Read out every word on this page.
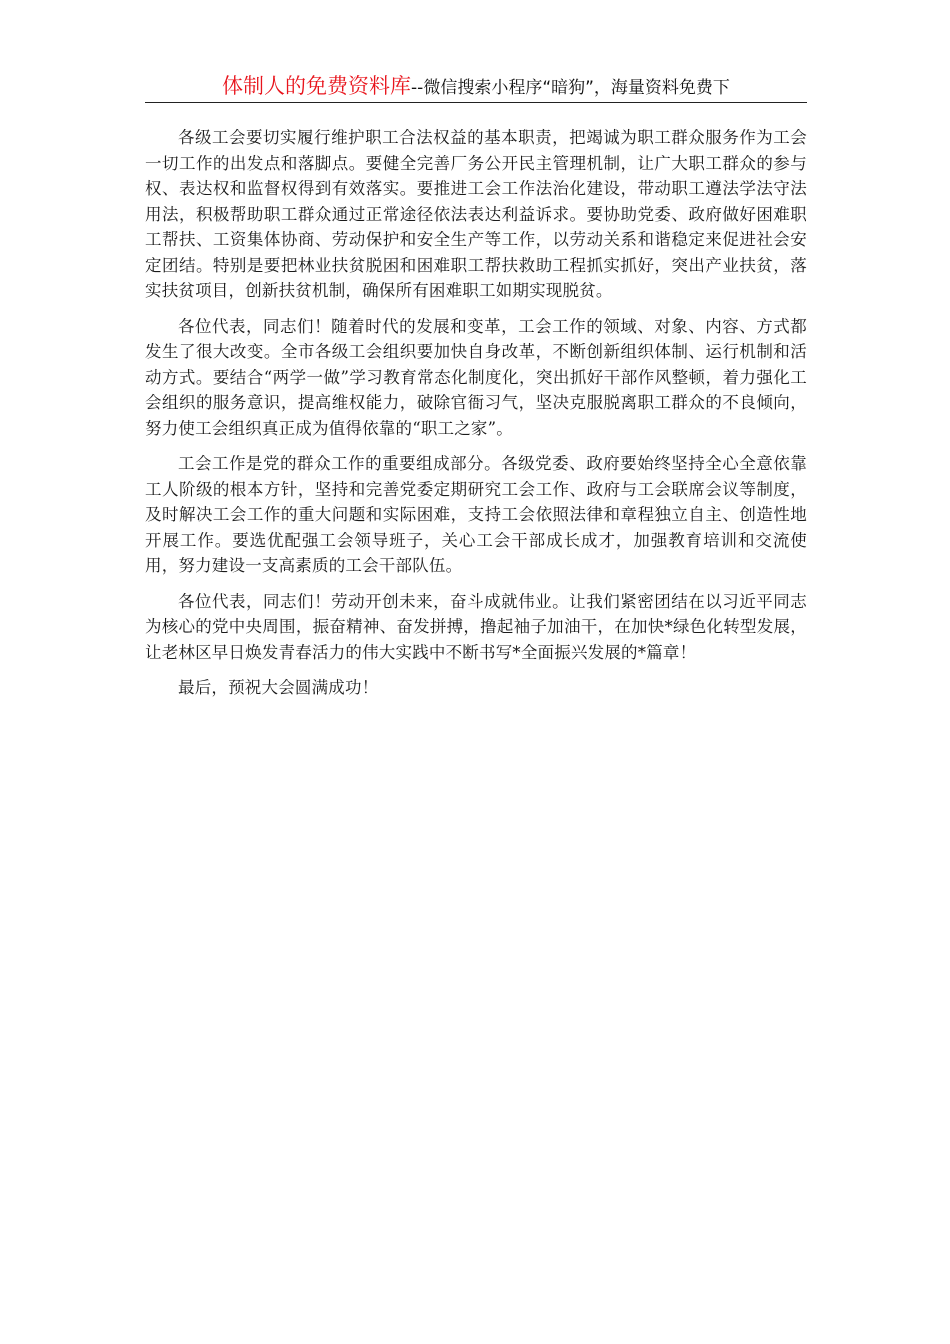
体制人的免费资料库--微信搜索小程序“暗狗”，海量资料免费下

各级工会要切实履行维护职工合法权益的基本职责，把竭诚为职工群众服务作为工会一切工作的出发点和落脚点。要健全完善厂务公开民主管理机制，让广大职工群众的参与权、表达权和监督权得到有效落实。要推进工会工作法治化建设，带动职工遵法学法守法用法，积极帮助职工群众通过正常途径依法表达利益诉求。要协助党委、政府做好困难职工帮扶、工资集体协商、劳动保护和安全生产等工作，以劳动关系和谐稳定来促进社会安定团结。特别是要把林业扶贫脱困和困难职工帮扶救助工程抓实抓好，突出产业扶贫，落实扶贫项目，创新扶贫机制，确保所有困难职工如期实现脱贫。

各位代表，同志们！随着时代的发展和变革，工会工作的领域、对象、内容、方式都发生了很大改变。全市各级工会组织要加快自身改革，不断创新组织体制、运行机制和活动方式。要结合“两学一做”学习教育常态化制度化，突出抓好干部作风整顿，着力强化工会组织的服务意识，提高维权能力，破除官衙习气，坚决克服脱离职工群众的不良倾向，努力使工会组织真正成为值得依靠的“职工之家”。

工会工作是党的群众工作的重要组成部分。各级党委、政府要始终坚持全心全意依靠工人阶级的根本方针，坚持和完善党委定期研究工会工作、政府与工会联席会议等制度，及时解决工会工作的重大问题和实际困难，支持工会依照法律和章程独立自主、创造性地开展工作。要选优配强工会领导班子，关心工会干部成长成才，加强教育培训和交流使用，努力建设一支高素质的工会干部队伍。

各位代表，同志们！劳动开创未来，奋斗成就伟业。让我们紧密团结在以习近平同志为核心的党中央周围，振奋精神、奋发拼搏，撸起袖子加油干，在加快*绿色化转型发展，让老林区早日焕发青春活力的伟大实践中不断书写*全面振兴发展的*篇章！

最后，预祝大会圆满成功！
